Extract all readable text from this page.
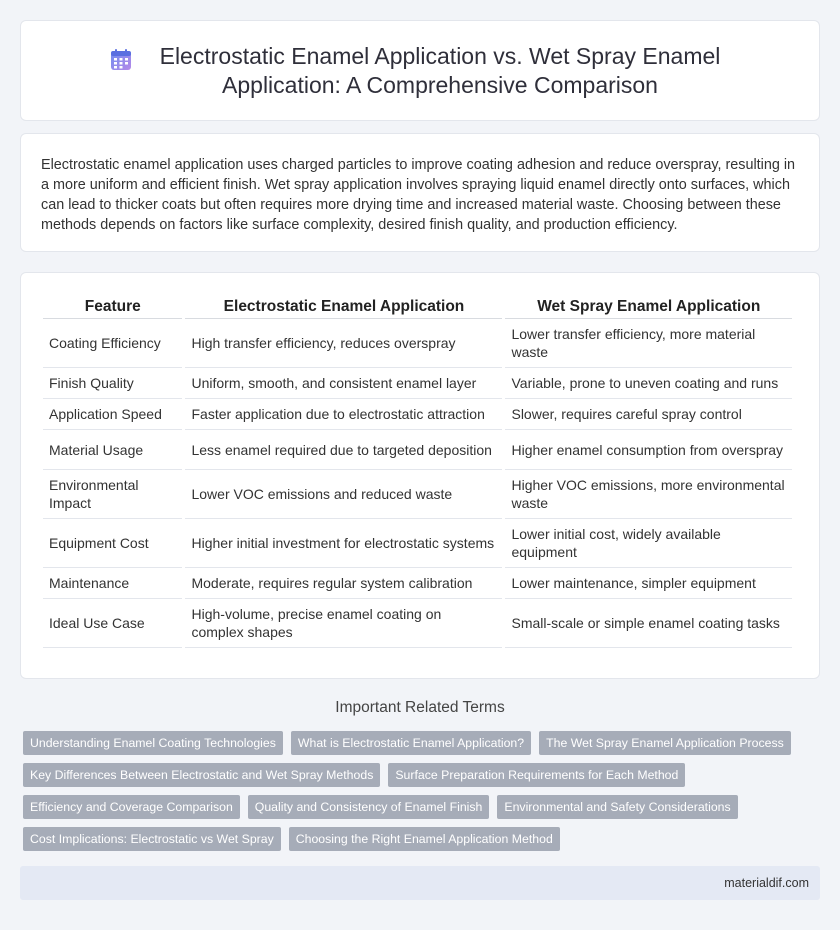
Electrostatic Enamel Application vs. Wet Spray Enamel Application: A Comprehensive Comparison

Electrostatic enamel application uses charged particles to improve coating adhesion and reduce overspray, resulting in a more uniform and efficient finish. Wet spray application involves spraying liquid enamel directly onto surfaces, which can lead to thicker coats but often requires more drying time and increased material waste. Choosing between these methods depends on factors like surface complexity, desired finish quality, and production efficiency.

Feature	Electrostatic Enamel Application	Wet Spray Enamel Application
Coating Efficiency	High transfer efficiency, reduces overspray	Lower transfer efficiency, more material waste
Finish Quality	Uniform, smooth, and consistent enamel layer	Variable, prone to uneven coating and runs
Application Speed	Faster application due to electrostatic attraction	Slower, requires careful spray control
Material Usage	Less enamel required due to targeted deposition	Higher enamel consumption from overspray
Environmental Impact	Lower VOC emissions and reduced waste	Higher VOC emissions, more environmental waste
Equipment Cost	Higher initial investment for electrostatic systems	Lower initial cost, widely available equipment
Maintenance	Moderate, requires regular system calibration	Lower maintenance, simpler equipment
Ideal Use Case	High-volume, precise enamel coating on complex shapes	Small-scale or simple enamel coating tasks
Important Related Terms
Understanding Enamel Coating Technologies	What is Electrostatic Enamel Application?	The Wet Spray Enamel Application Process
Key Differences Between Electrostatic and Wet Spray Methods	Surface Preparation Requirements for Each Method
Efficiency and Coverage Comparison	Quality and Consistency of Enamel Finish	Environmental and Safety Considerations
Cost Implications: Electrostatic vs Wet Spray	Choosing the Right Enamel Application Method
materialdif.com
